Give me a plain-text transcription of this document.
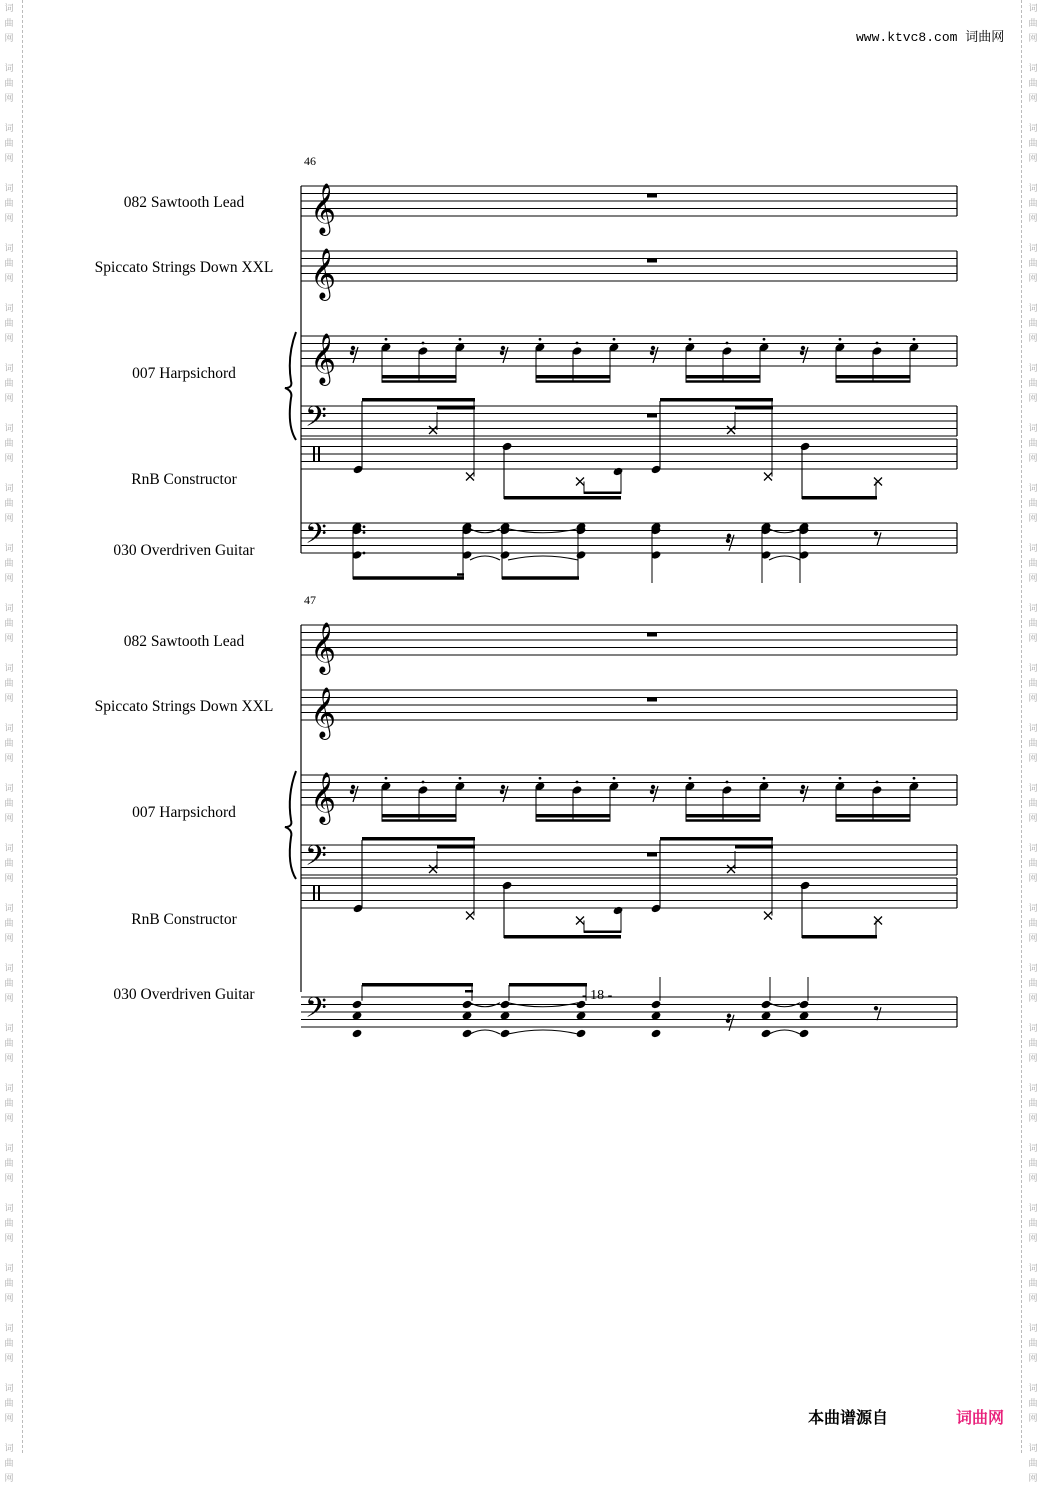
词
曲
网
词
曲
网
词
曲
网
词
曲
网
词
曲
网
词
曲
网
词
曲
网
词
曲
网
词
曲
网
词
曲
网
词
曲
网
词
曲
网
词
曲
网
词
曲
网
词
曲
网
词
曲
网
词
曲
网
词
曲
网
词
曲
网
词
曲
网
词
曲
网
词
曲
网
词
曲
网
词
曲
网
词
曲
网
词
曲
网
词
曲
网
词
曲
网
词
曲
网
词
曲
网
词
曲
网
词
曲
网
词
曲
网
词
曲
网
词
曲
网
词
曲
网
词
曲
网
词
曲
网
词
曲
网
词
曲
网
词
曲
网
词
曲
网
词
曲
网
词
曲
网
词
曲
网
词
曲
网
词
曲
网
词
曲
网
词
曲
网
词
曲
网
www.ktvc8.com 词曲网
46
47
082 Sawtooth Lead
Spiccato Strings Down XXL
007 Harpsichord
RnB Constructor
030 Overdriven Guitar
082 Sawtooth Lead
Spiccato Strings Down XXL
007 Harpsichord
RnB Constructor
030 Overdriven Guitar
𝄞
𝄞
𝄞
𝄢
𝄢
𝄞
𝄞
𝄞
𝄢
𝄢	- 18 -
本曲谱源自	词曲网
